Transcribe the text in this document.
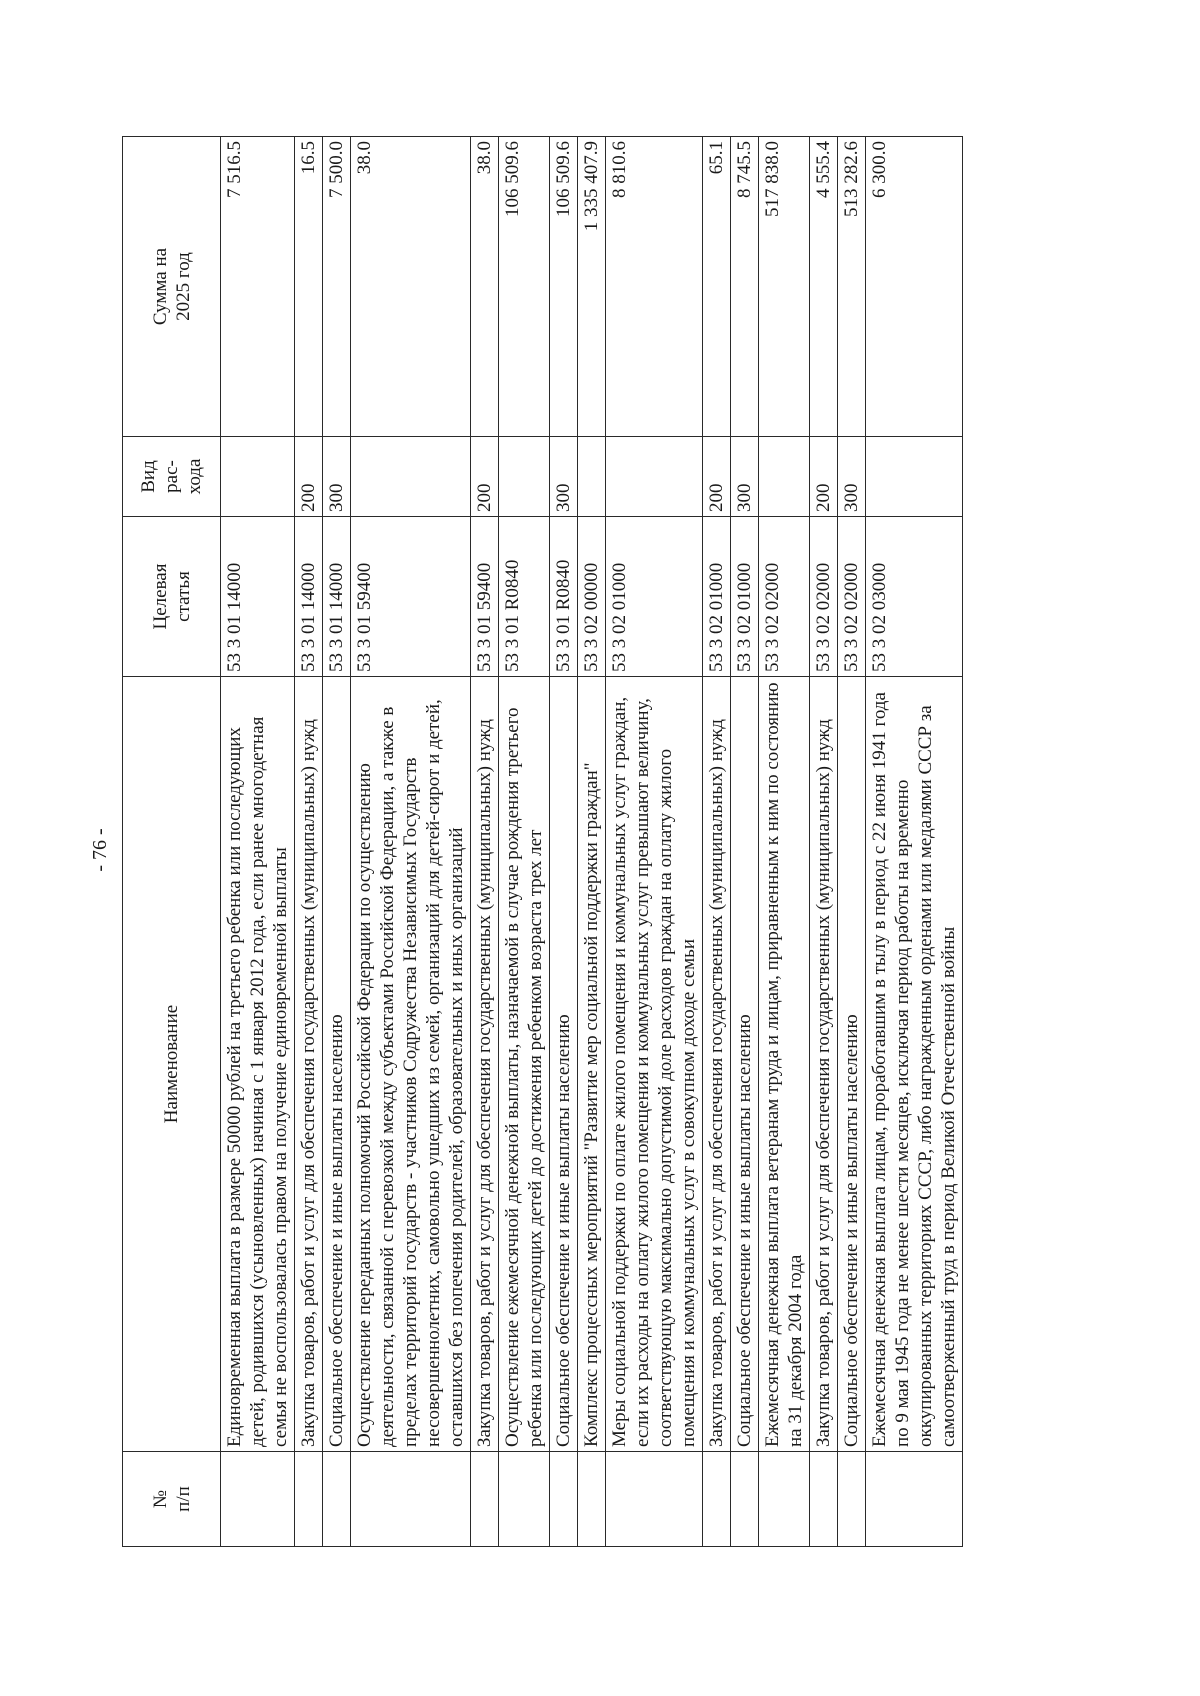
- 76 -
№ п/п	Наименование	Целевая статья	Вид рас- хода	Сумма на 2025 год

	Единовременная выплата в размере 50000 рублей на третьего ребенка или последующих детей, родившихся (усыновленных) начиная с 1 января 2012 года, если ранее многодетная семья не воспользовалась правом на получение единовременной выплаты	53 3 01 14000		7 516.5
	Закупка товаров, работ и услуг для обеспечения государственных (муниципальных) нужд	53 3 01 14000	200	16.5
	Социальное обеспечение и иные выплаты населению	53 3 01 14000	300	7 500.0
	Осуществление переданных полномочий Российской Федерации по осуществлению деятельности, связанной с перевозкой между субъектами Российской Федерации, а также в пределах территорий государств - участников Содружества Независимых Государств несовершеннолетних, самовольно ушедших из семей, организаций для детей-сирот и детей, оставшихся без попечения родителей, образовательных и иных организаций	53 3 01 59400		38.0
	Закупка товаров, работ и услуг для обеспечения государственных (муниципальных) нужд	53 3 01 59400	200	38.0
	Осуществление ежемесячной денежной выплаты, назначаемой в случае рождения третьего ребенка или последующих детей до достижения ребенком возраста трех лет	53 3 01 R0840		106 509.6
	Социальное обеспечение и иные выплаты населению	53 3 01 R0840	300	106 509.6
	Комплекс процессных мероприятий "Развитие мер социальной поддержки граждан"	53 3 02 00000		1 335 407.9
	Меры социальной поддержки по оплате жилого помещения и коммунальных услуг граждан, если их расходы на оплату жилого помещения и коммунальных услуг превышают величину, соответствующую максимально допустимой доле расходов граждан на оплату жилого помещения и коммунальных услуг в совокупном доходе семьи	53 3 02 01000		8 810.6
	Закупка товаров, работ и услуг для обеспечения государственных (муниципальных) нужд	53 3 02 01000	200	65.1
	Социальное обеспечение и иные выплаты населению	53 3 02 01000	300	8 745.5
	Ежемесячная денежная выплата ветеранам труда и лицам, приравненным к ним по состоянию на 31 декабря 2004 года	53 3 02 02000		517 838.0
	Закупка товаров, работ и услуг для обеспечения государственных (муниципальных) нужд	53 3 02 02000	200	4 555.4
	Социальное обеспечение и иные выплаты населению	53 3 02 02000	300	513 282.6
	Ежемесячная денежная выплата лицам, проработавшим в тылу в период с 22 июня 1941 года по 9 мая 1945 года не менее шести месяцев, исключая период работы на временно оккупированных территориях СССР, либо награжденным орденами или медалями СССР за самоотверженный труд в период Великой Отечественной войны	53 3 02 03000		6 300.0
